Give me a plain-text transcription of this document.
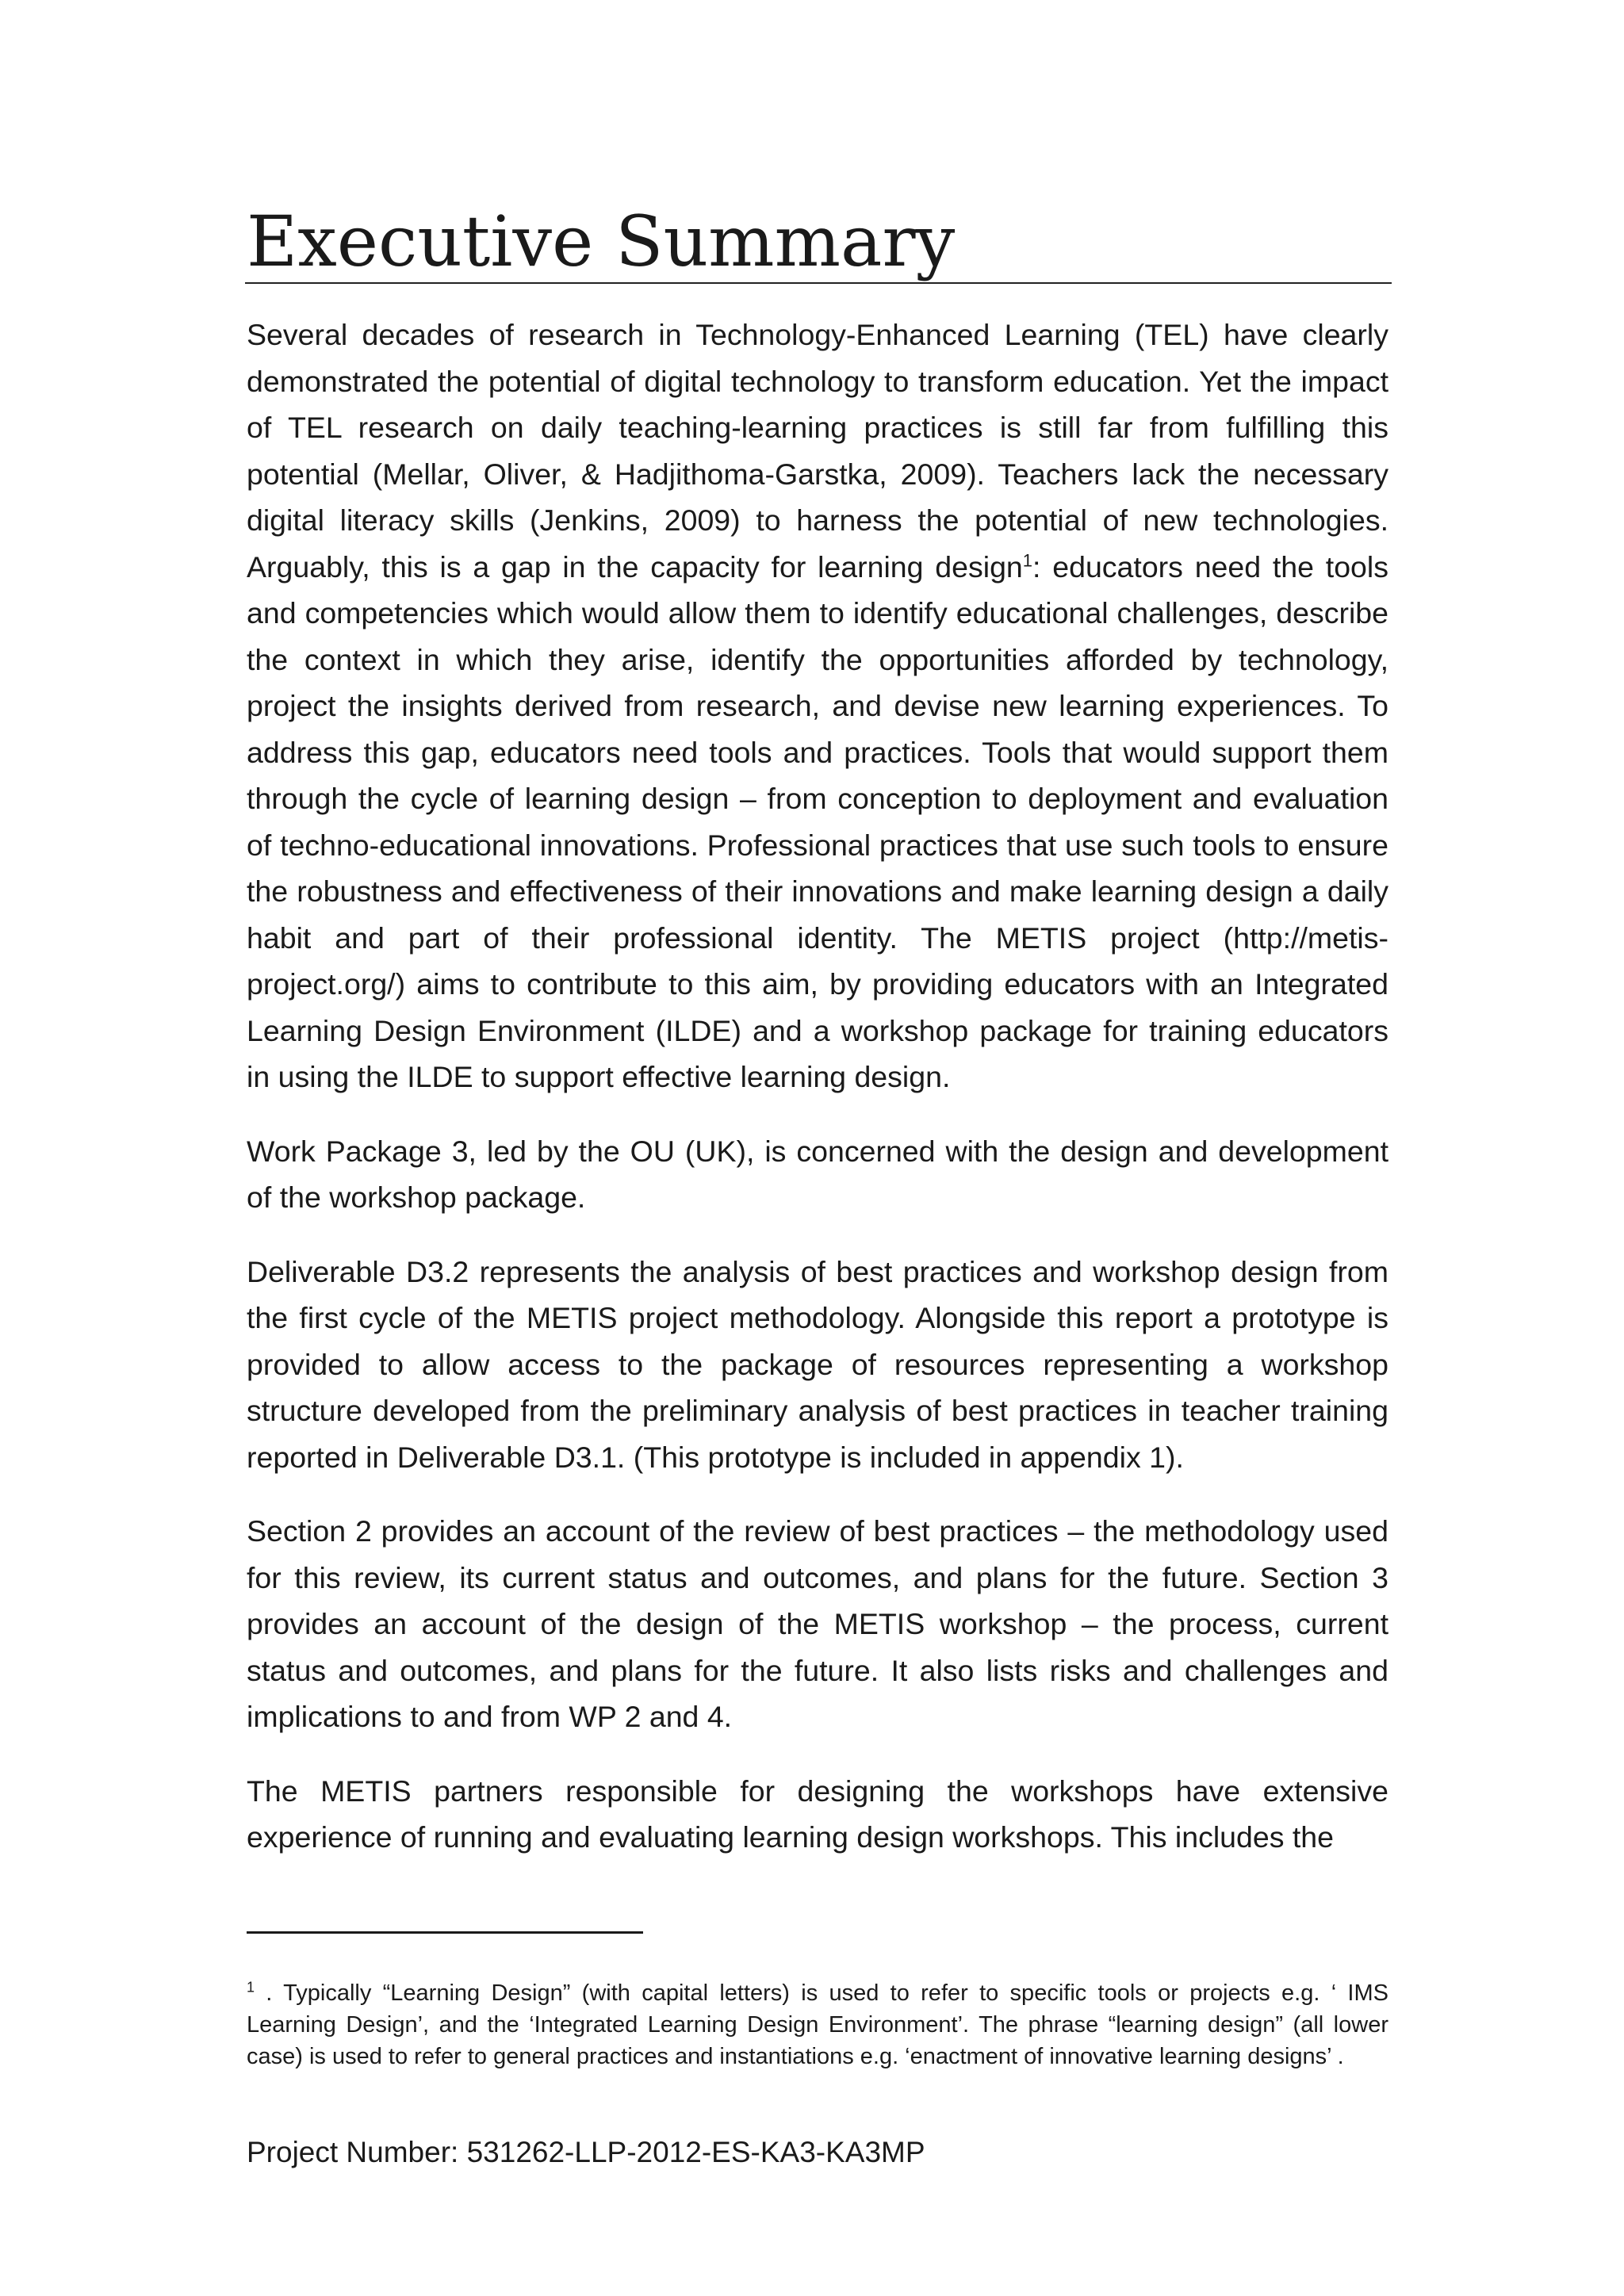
Executive Summary

Several decades of research in Technology-Enhanced Learning (TEL) have clearly demonstrated the potential of digital technology to transform education. Yet the impact of TEL research on daily teaching-learning practices is still far from fulfilling this potential (Mellar, Oliver, & Hadjithoma-Garstka, 2009). Teachers lack the necessary digital literacy skills (Jenkins, 2009) to harness the potential of new technologies. Arguably, this is a gap in the capacity for learning design$^1$: educators need the tools and competencies which would allow them to identify educational challenges, describe the context in which they arise, identify the opportunities afforded by technology, project the insights derived from research, and devise new learning experiences. To address this gap, educators need tools and practices. Tools that would support them through the cycle of learning design – from conception to deployment and evaluation of techno-educational innovations. Professional practices that use such tools to ensure the robustness and effectiveness of their innovations and make learning design a daily habit and part of their professional identity. The METIS project (http://metis-project.org/) aims to contribute to this aim, by providing educators with an Integrated Learning Design Environment (ILDE) and a workshop package for training educators in using the ILDE to support effective learning design.

Work Package 3, led by the OU (UK), is concerned with the design and development of the workshop package.

Deliverable D3.2 represents the analysis of best practices and workshop design from the first cycle of the METIS project methodology. Alongside this report a prototype is provided to allow access to the package of resources representing a workshop structure developed from the preliminary analysis of best practices in teacher training reported in Deliverable D3.1. (This prototype is included in appendix 1).

Section 2 provides an account of the review of best practices – the methodology used for this review, its current status and outcomes, and plans for the future. Section 3 provides an account of the design of the METIS workshop – the process, current status and outcomes, and plans for the future. It also lists risks and challenges and implications to and from WP 2 and 4.

The METIS partners responsible for designing the workshops have extensive experience of running and evaluating learning design workshops. This includes the

$^1$ . Typically “Learning Design” (with capital letters) is used to refer to specific tools or projects e.g. ‘ IMS Learning Design’, and the ‘Integrated Learning Design Environment’. The phrase “learning design” (all lower case) is used to refer to general practices and instantiations e.g. ‘enactment of innovative learning designs’ .

Project Number: 531262-LLP-2012-ES-KA3-KA3MP
